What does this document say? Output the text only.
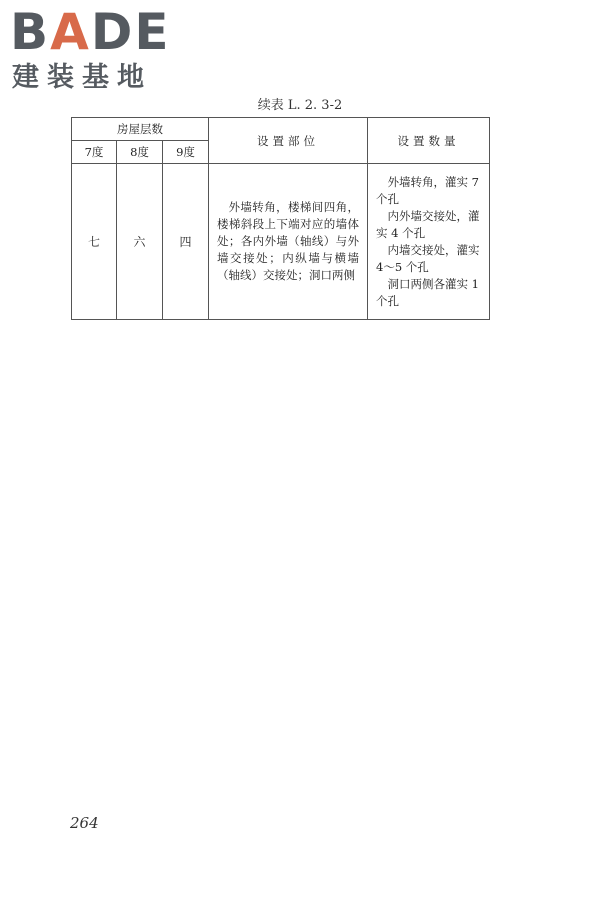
BADE
建装基地
续表 L. 2. 3-2
房屋层数			设置部位	设置数量
7度	8度	9度		
七	六	四	外墙转角，楼梯间四角，楼梯斜段上下端对应的墙体处；各内外墙（轴线）与外墙交接处；内纵墙与横墙（轴线）交接处；洞口两侧	外墙转角，灌实 7 个孔
内外墙交接处，灌实 4 个孔
内墙交接处，灌实 4～5 个孔
洞口两侧各灌实 1 个孔
264
